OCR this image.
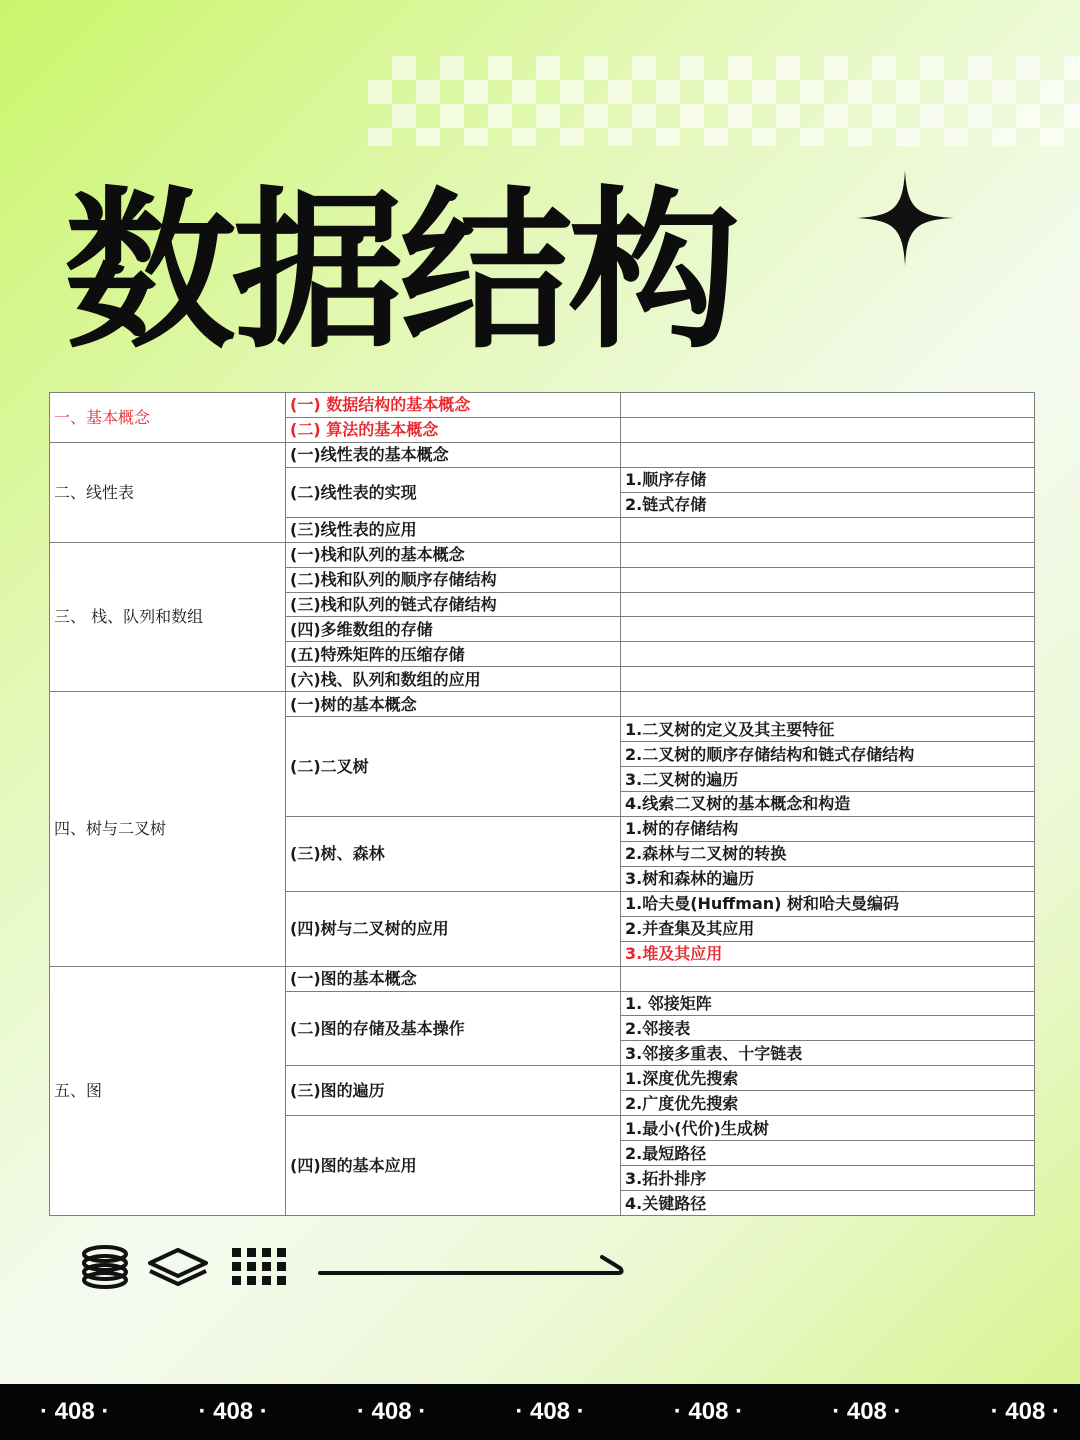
数据结构
一、基本概念	(一) 数据结构的基本概念	
	(二) 算法的基本概念	
二、线性表	(一)线性表的基本概念	
	(二)线性表的实现	1.顺序存储
		2.链式存储
	(三)线性表的应用	
三、 栈、队列和数组	(一)栈和队列的基本概念	
	(二)栈和队列的顺序存储结构	
	(三)栈和队列的链式存储结构	
	(四)多维数组的存储	
	(五)特殊矩阵的压缩存储	
	(六)栈、队列和数组的应用	
四、树与二叉树	(一)树的基本概念	
	(二)二叉树	1.二叉树的定义及其主要特征
		2.二叉树的顺序存储结构和链式存储结构
		3.二叉树的遍历
		4.线索二叉树的基本概念和构造
	(三)树、森林	1.树的存储结构
		2.森林与二叉树的转换
		3.树和森林的遍历
	(四)树与二叉树的应用	1.哈夫曼(Huffman) 树和哈夫曼编码
		2.并查集及其应用
		3.堆及其应用
五、图	(一)图的基本概念	
	(二)图的存储及基本操作	1. 邻接矩阵
		2.邻接表
		3.邻接多重表、十字链表
	(三)图的遍历	1.深度优先搜索
		2.广度优先搜索
	(四)图的基本应用	1.最小(代价)生成树
		2.最短路径
		3.拓扑排序
		4.关键路径
· 408 ·	· 408 ·	· 408 ·	· 408 ·	· 408 ·	· 408 ·	· 408 ·
